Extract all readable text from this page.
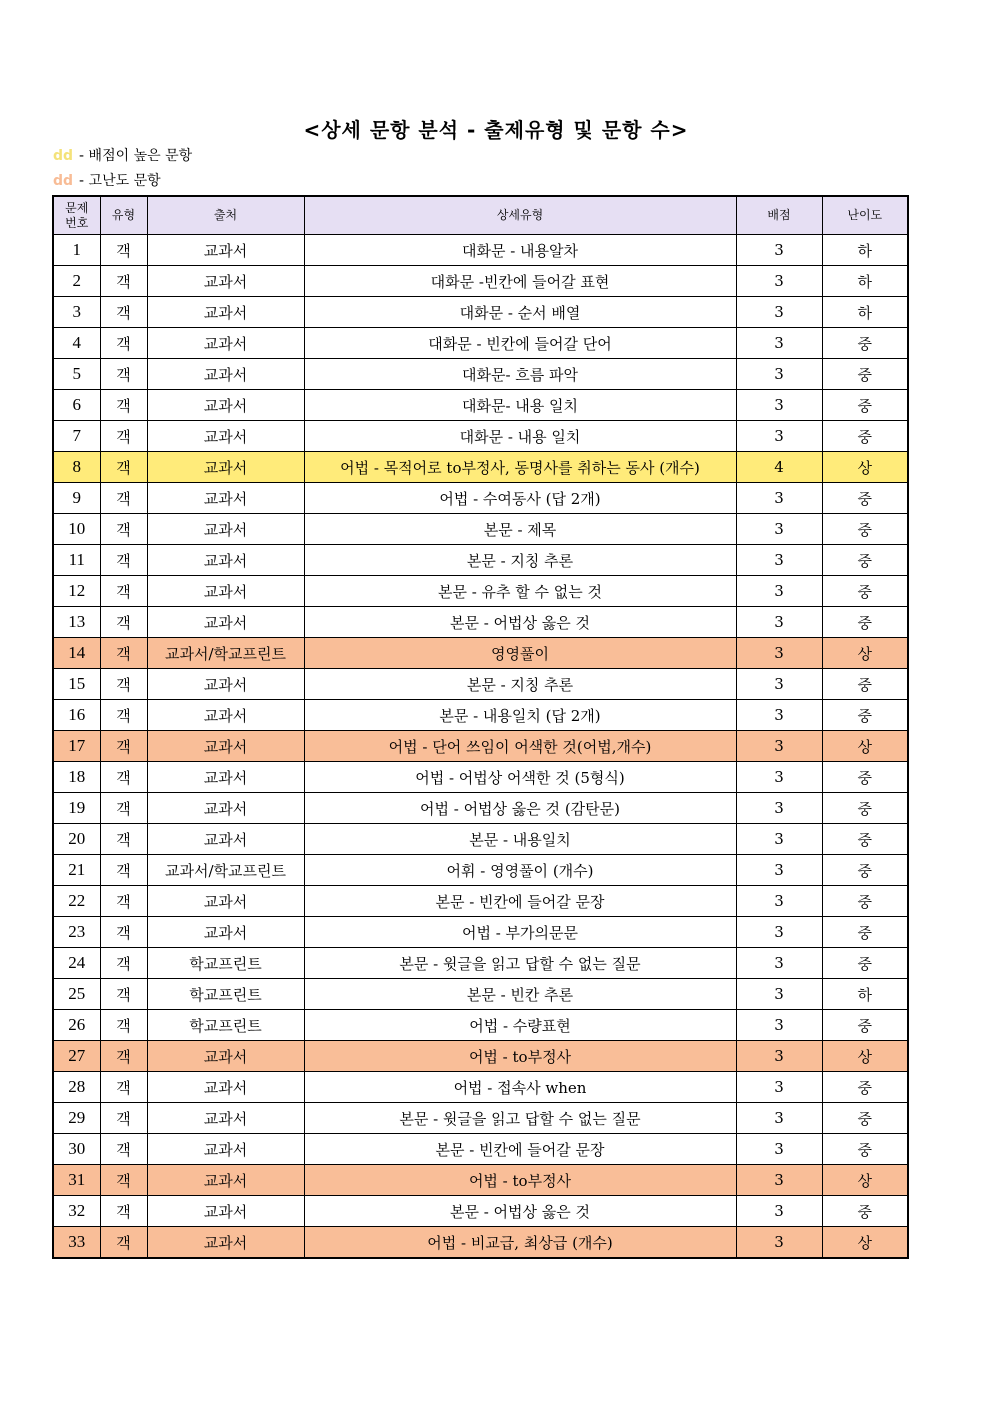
<상세 문항 분석 - 출제유형 및 문항 수>
dd - 배점이 높은 문항
dd - 고난도 문항
문제
번호	유형	출처	상세유형	배점	난이도
1	객	교과서	대화문 - 내용알차	3	하
2	객	교과서	대화문 -빈칸에 들어갈 표현	3	하
3	객	교과서	대화문 - 순서 배열	3	하
4	객	교과서	대화문 - 빈칸에 들어갈 단어	3	중
5	객	교과서	대화문- 흐름 파악	3	중
6	객	교과서	대화문- 내용 일치	3	중
7	객	교과서	대화문 - 내용 일치	3	중
8	객	교과서	어법 - 목적어로 to부정사, 동명사를 취하는 동사 (개수)	4	상
9	객	교과서	어법 - 수여동사 (답 2개)	3	중
10	객	교과서	본문 - 제목	3	중
11	객	교과서	본문 - 지칭 추론	3	중
12	객	교과서	본문 - 유추 할 수 없는 것	3	중
13	객	교과서	본문 - 어법상 옳은 것	3	중
14	객	교과서/학교프린트	영영풀이	3	상
15	객	교과서	본문 - 지칭 추론	3	중
16	객	교과서	본문 - 내용일치 (답 2개)	3	중
17	객	교과서	어법 - 단어 쓰임이 어색한 것(어법,개수)	3	상
18	객	교과서	어법 - 어법상 어색한 것 (5형식)	3	중
19	객	교과서	어법 - 어법상 옳은 것 (감탄문)	3	중
20	객	교과서	본문 - 내용일치	3	중
21	객	교과서/학교프린트	어휘 - 영영풀이 (개수)	3	중
22	객	교과서	본문 - 빈칸에 들어갈 문장	3	중
23	객	교과서	어법 - 부가의문문	3	중
24	객	학교프린트	본문 - 윗글을 읽고 답할 수 없는 질문	3	중
25	객	학교프린트	본문 - 빈칸 추론	3	하
26	객	학교프린트	어법 - 수량표현	3	중
27	객	교과서	어법 - to부정사	3	상
28	객	교과서	어법 - 접속사 when	3	중
29	객	교과서	본문 - 윗글을 읽고 답할 수 없는 질문	3	중
30	객	교과서	본문 - 빈칸에 들어갈 문장	3	중
31	객	교과서	어법 - to부정사	3	상
32	객	교과서	본문 - 어법상 옳은 것	3	중
33	객	교과서	어법 - 비교급, 최상급 (개수)	3	상
